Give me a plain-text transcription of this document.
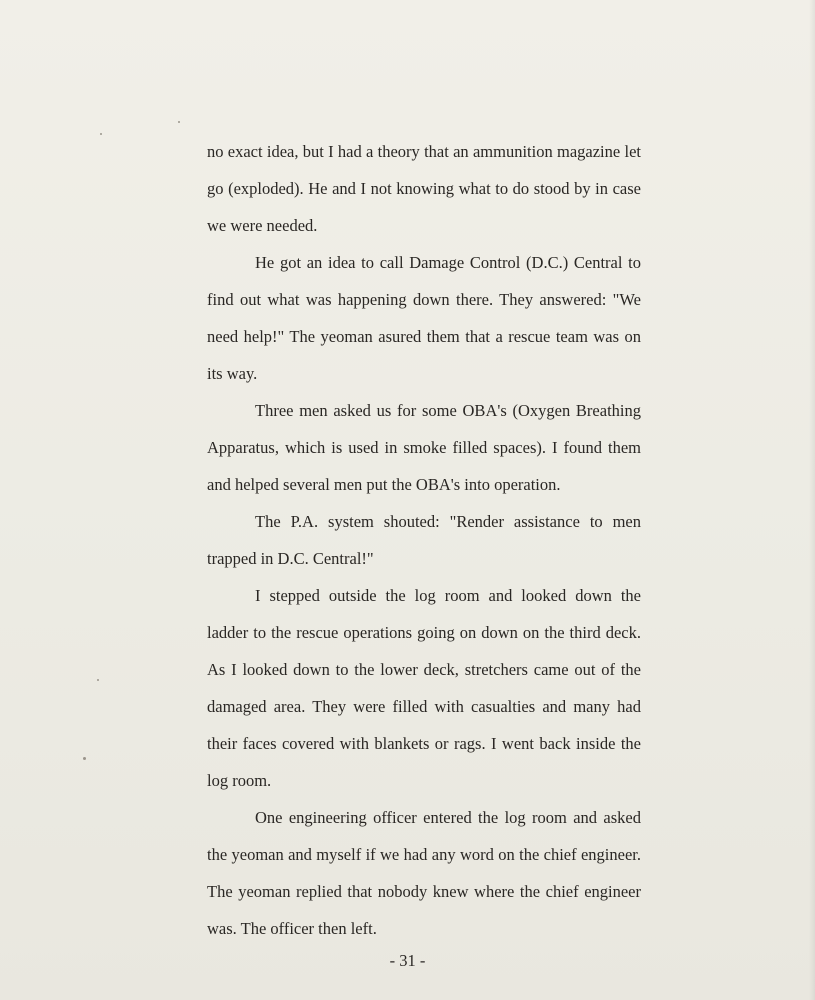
no exact idea, but I had a theory that an ammunition magazine let go (exploded). He and I not knowing what to do stood by in case we were needed.

He got an idea to call Damage Control (D.C.) Central to find out what was happening down there. They answered: "We need help!" The yeoman asured them that a rescue team was on its way.

Three men asked us for some OBA's (Oxygen Breathing Apparatus, which is used in smoke filled spaces). I found them and helped several men put the OBA's into operation.

The P.A. system shouted: "Render assistance to men trapped in D.C. Central!"

I stepped outside the log room and looked down the ladder to the rescue operations going on down on the third deck. As I looked down to the lower deck, stretchers came out of the damaged area. They were filled with casualties and many had their faces covered with blankets or rags. I went back inside the log room.

One engineering officer entered the log room and asked the yeoman and myself if we had any word on the chief engineer. The yeoman replied that nobody knew where the chief engineer was. The officer then left.

- 31 -
